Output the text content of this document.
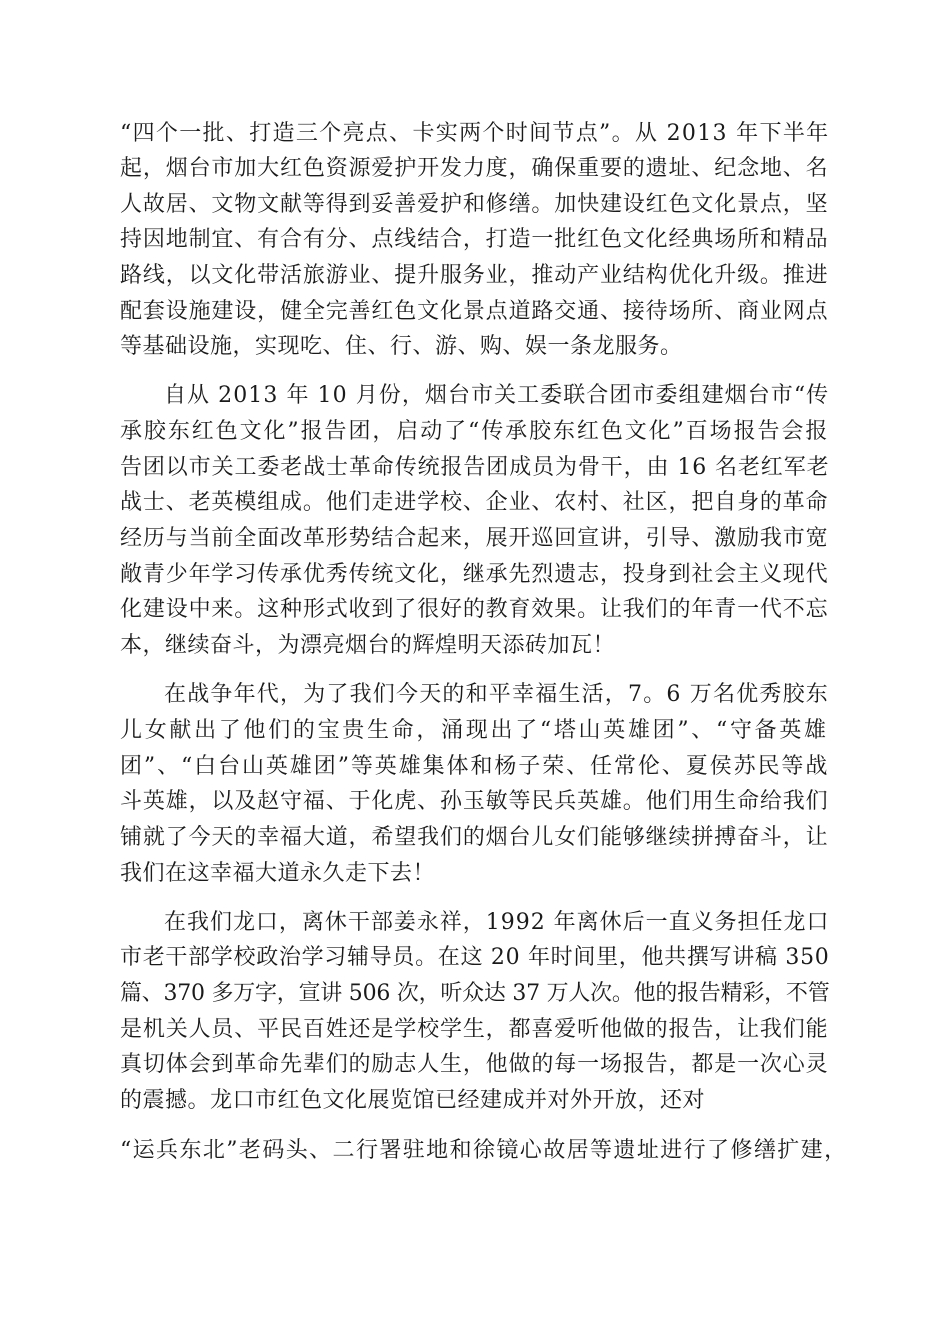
“四个一批、打造三个亮点、卡实两个时间节点”。从 2013 年下半年
起，烟台市加大红色资源爱护开发力度，确保重要的遗址、纪念地、名
人故居、文物文献等得到妥善爱护和修缮。加快建设红色文化景点，坚
持因地制宜、有合有分、点线结合，打造一批红色文化经典场所和精品
路线，以文化带活旅游业、提升服务业，推动产业结构优化升级。推进
配套设施建设，健全完善红色文化景点道路交通、接待场所、商业网点
等基础设施，实现吃、住、行、游、购、娱一条龙服务。
自从 2013 年 10 月份，烟台市关工委联合团市委组建烟台市“传
承胶东红色文化”报告团，启动了“传承胶东红色文化”百场报告会报
告团以市关工委老战士革命传统报告团成员为骨干，由 16 名老红军老
战士、老英模组成。他们走进学校、企业、农村、社区，把自身的革命
经历与当前全面改革形势结合起来，展开巡回宣讲，引导、激励我市宽
敞青少年学习传承优秀传统文化，继承先烈遗志，投身到社会主义现代
化建设中来。这种形式收到了很好的教育效果。让我们的年青一代不忘
本，继续奋斗，为漂亮烟台的辉煌明天添砖加瓦！
在战争年代，为了我们今天的和平幸福生活，7。6 万名优秀胶东
儿女献出了他们的宝贵生命，涌现出了“塔山英雄团”、“守备英雄
团”、“白台山英雄团”等英雄集体和杨子荣、任常伦、夏侯苏民等战
斗英雄，以及赵守福、于化虎、孙玉敏等民兵英雄。他们用生命给我们
铺就了今天的幸福大道，希望我们的烟台儿女们能够继续拼搏奋斗，让
我们在这幸福大道永久走下去！
在我们龙口，离休干部姜永祥，1992 年离休后一直义务担任龙口
市老干部学校政治学习辅导员。在这 20 年时间里，他共撰写讲稿 350
篇、370 多万字，宣讲 506 次，听众达 37 万人次。他的报告精彩，不管
是机关人员、平民百姓还是学校学生，都喜爱听他做的报告，让我们能
真切体会到革命先辈们的励志人生，他做的每一场报告，都是一次心灵
的震撼。龙口市红色文化展览馆已经建成并对外开放，还对
“运兵东北”老码头、二行署驻地和徐镜心故居等遗址进行了修缮扩建，
